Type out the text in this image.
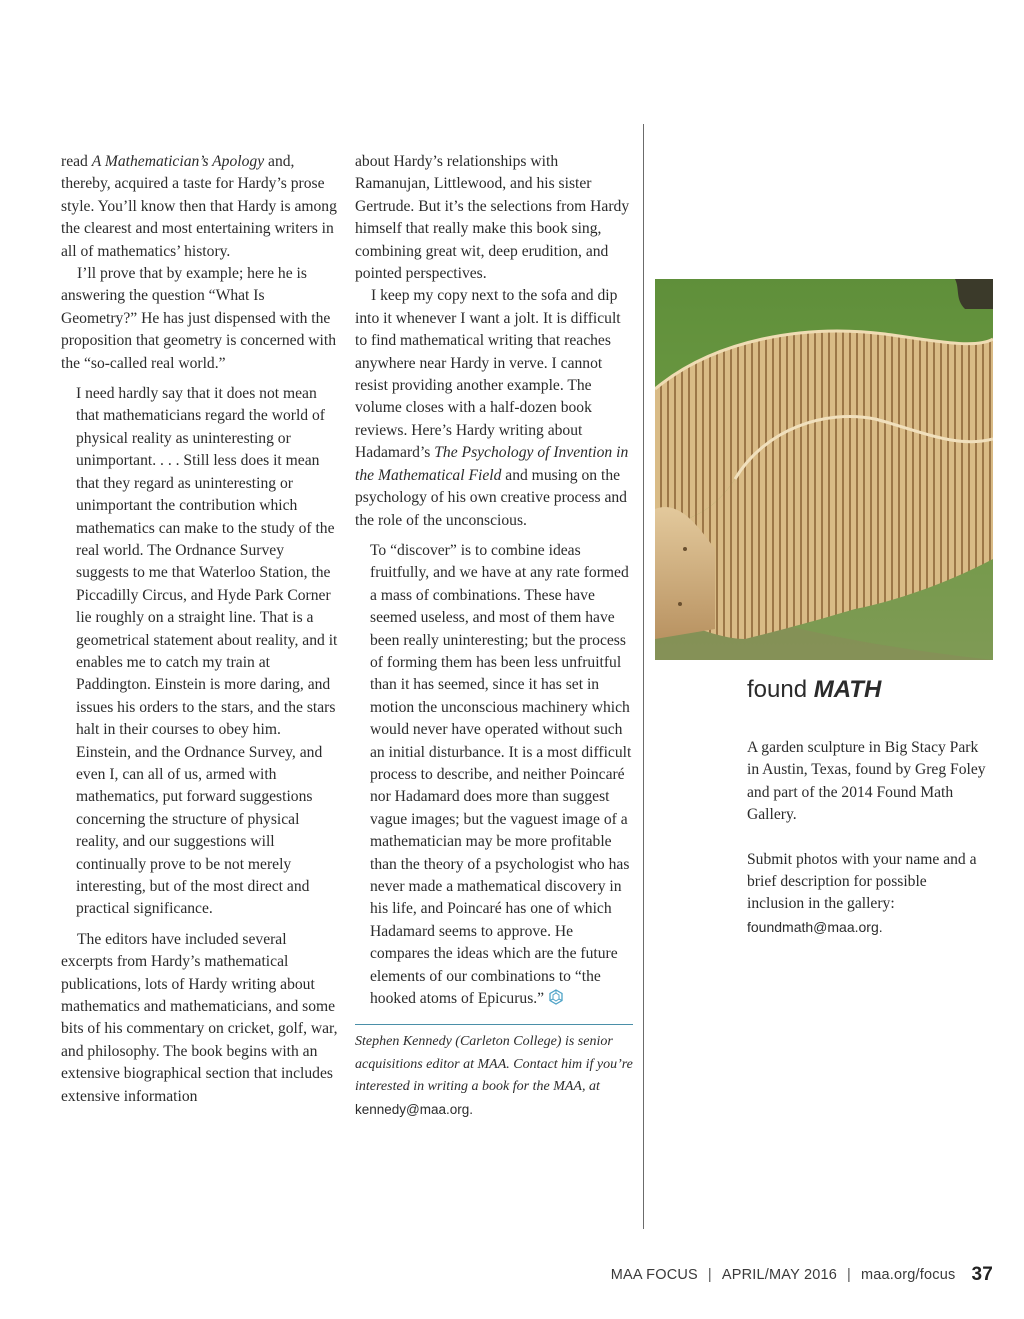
read A Mathematician’s Apology and, thereby, acquired a taste for Hardy’s prose style. You’ll know then that Hardy is among the clearest and most entertaining writers in all of mathematics’ history.

I’ll prove that by example; here he is answering the question “What Is Geometry?” He has just dispensed with the proposition that geometry is concerned with the “so-called real world.”

I need hardly say that it does not mean that mathematicians regard the world of physical reality as uninteresting or unimportant. . . . Still less does it mean that they regard as uninteresting or unimportant the contribution which mathematics can make to the study of the real world. The Ordnance Survey suggests to me that Waterloo Station, the Piccadilly Circus, and Hyde Park Corner lie roughly on a straight line. That is a geometrical statement about reality, and it enables me to catch my train at Paddington. Einstein is more daring, and issues his orders to the stars, and the stars halt in their courses to obey him. Einstein, and the Ordnance Survey, and even I, can all of us, armed with mathematics, put forward suggestions concerning the structure of physical reality, and our suggestions will continually prove to be not merely interesting, but of the most direct and practical significance.

The editors have included several excerpts from Hardy’s mathematical publications, lots of Hardy writing about mathematics and mathematicians, and some bits of his commentary on cricket, golf, war, and philosophy. The book begins with an extensive biographical section that includes extensive information

about Hardy’s relationships with Ramanujan, Littlewood, and his sister Gertrude. But it’s the selections from Hardy himself that really make this book sing, combining great wit, deep erudition, and pointed perspectives.

I keep my copy next to the sofa and dip into it whenever I want a jolt. It is difficult to find mathematical writing that reaches anywhere near Hardy in verve. I cannot resist providing another example. The volume closes with a half-dozen book reviews. Here’s Hardy writing about Hadamard’s The Psychology of Invention in the Mathematical Field and musing on the psychology of his own creative process and the role of the unconscious.

To “discover” is to combine ideas fruitfully, and we have at any rate formed a mass of combinations. These have seemed useless, and most of them have been really uninteresting; but the process of forming them has been less unfruitful than it has seemed, since it has set in motion the unconscious machinery which would never have operated without such an initial disturbance. It is a most difficult process to describe, and neither Poincaré nor Hadamard does more than suggest vague images; but the vaguest image of a mathematician may be more profitable than the theory of a psychologist who has never made a mathematical discovery in his life, and Poincaré has one of which Hadamard seems to approve. He compares the ideas which are the future elements of our combinations to “the hooked atoms of Epicurus.”

Stephen Kennedy (Carleton College) is senior acquisitions editor at MAA. Contact him if you’re interested in writing a book for the MAA, at kennedy@maa.org.

found MATH

A garden sculpture in Big Stacy Park in Austin, Texas, found by Greg Foley and part of the 2014 Found Math Gallery.

Submit photos with your name and a brief description for possible inclusion in the gallery: foundmath@maa.org.

MAA FOCUS | APRIL/MAY 2016 | maa.org/focus 37
